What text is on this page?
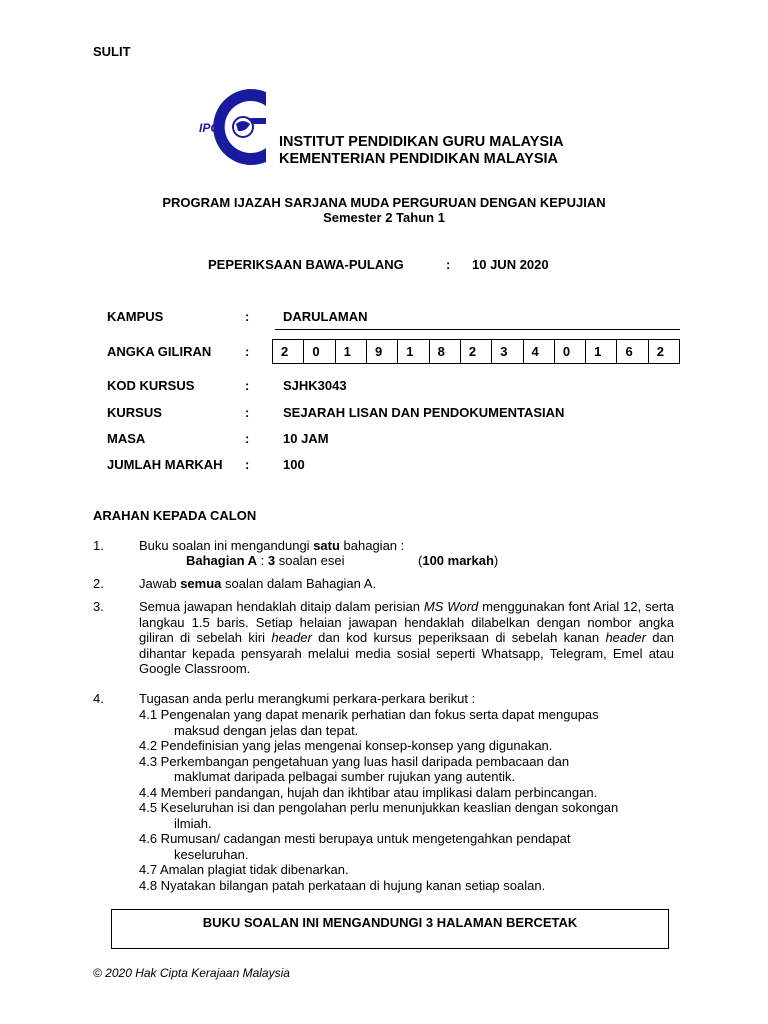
SULIT
IPG
INSTITUT PENDIDIKAN GURU MALAYSIA
KEMENTERIAN PENDIDIKAN MALAYSIA
PROGRAM IJAZAH SARJANA MUDA PERGURUAN DENGAN KEPUJIAN
Semester 2 Tahun 1
PEPERIKSAAN BAWA-PULANG	: 10 JUN 2020
KAMPUS	:	DARULAMAN
ANGKA GILIRAN	:	2	0	1	9	1	8	2	3	4	0	1	6	2
KOD KURSUS	:	SJHK3043
KURSUS	:	SEJARAH LISAN DAN PENDOKUMENTASIAN
MASA	:	10 JAM
JUMLAH MARKAH :	100
ARAHAN KEPADA CALON
1.	Buku soalan ini mengandungi satu bahagian :
Bahagian A : 3 soalan esei	(100 markah)
2.	Jawab semua soalan dalam Bahagian A.
3.	Semua jawapan hendaklah ditaip dalam perisian MS Word menggunakan font Arial 12, serta langkau 1.5 baris. Setiap helaian jawapan hendaklah dilabelkan dengan nombor angka giliran di sebelah kiri header dan kod kursus peperiksaan di sebelah kanan header dan dihantar kepada pensyarah melalui media sosial seperti Whatsapp, Telegram, Emel atau Google Classroom.
4.	Tugasan anda perlu merangkumi perkara-perkara berikut :
4.1 Pengenalan yang dapat menarik perhatian dan fokus serta dapat mengupas
maksud dengan jelas dan tepat.
4.2 Pendefinisian yang jelas mengenai konsep-konsep yang digunakan.
4.3 Perkembangan pengetahuan yang luas hasil daripada pembacaan dan
maklumat daripada pelbagai sumber rujukan yang autentik.
4.4 Memberi pandangan, hujah dan ikhtibar atau implikasi dalam perbincangan.
4.5 Keseluruhan isi dan pengolahan perlu menunjukkan keaslian dengan sokongan
ilmiah.
4.6 Rumusan/ cadangan mesti berupaya untuk mengetengahkan pendapat
keseluruhan.
4.7 Amalan plagiat tidak dibenarkan.
4.8 Nyatakan bilangan patah perkataan di hujung kanan setiap soalan.
BUKU SOALAN INI MENGANDUNGI 3 HALAMAN BERCETAK
© 2020 Hak Cipta Kerajaan Malaysia
